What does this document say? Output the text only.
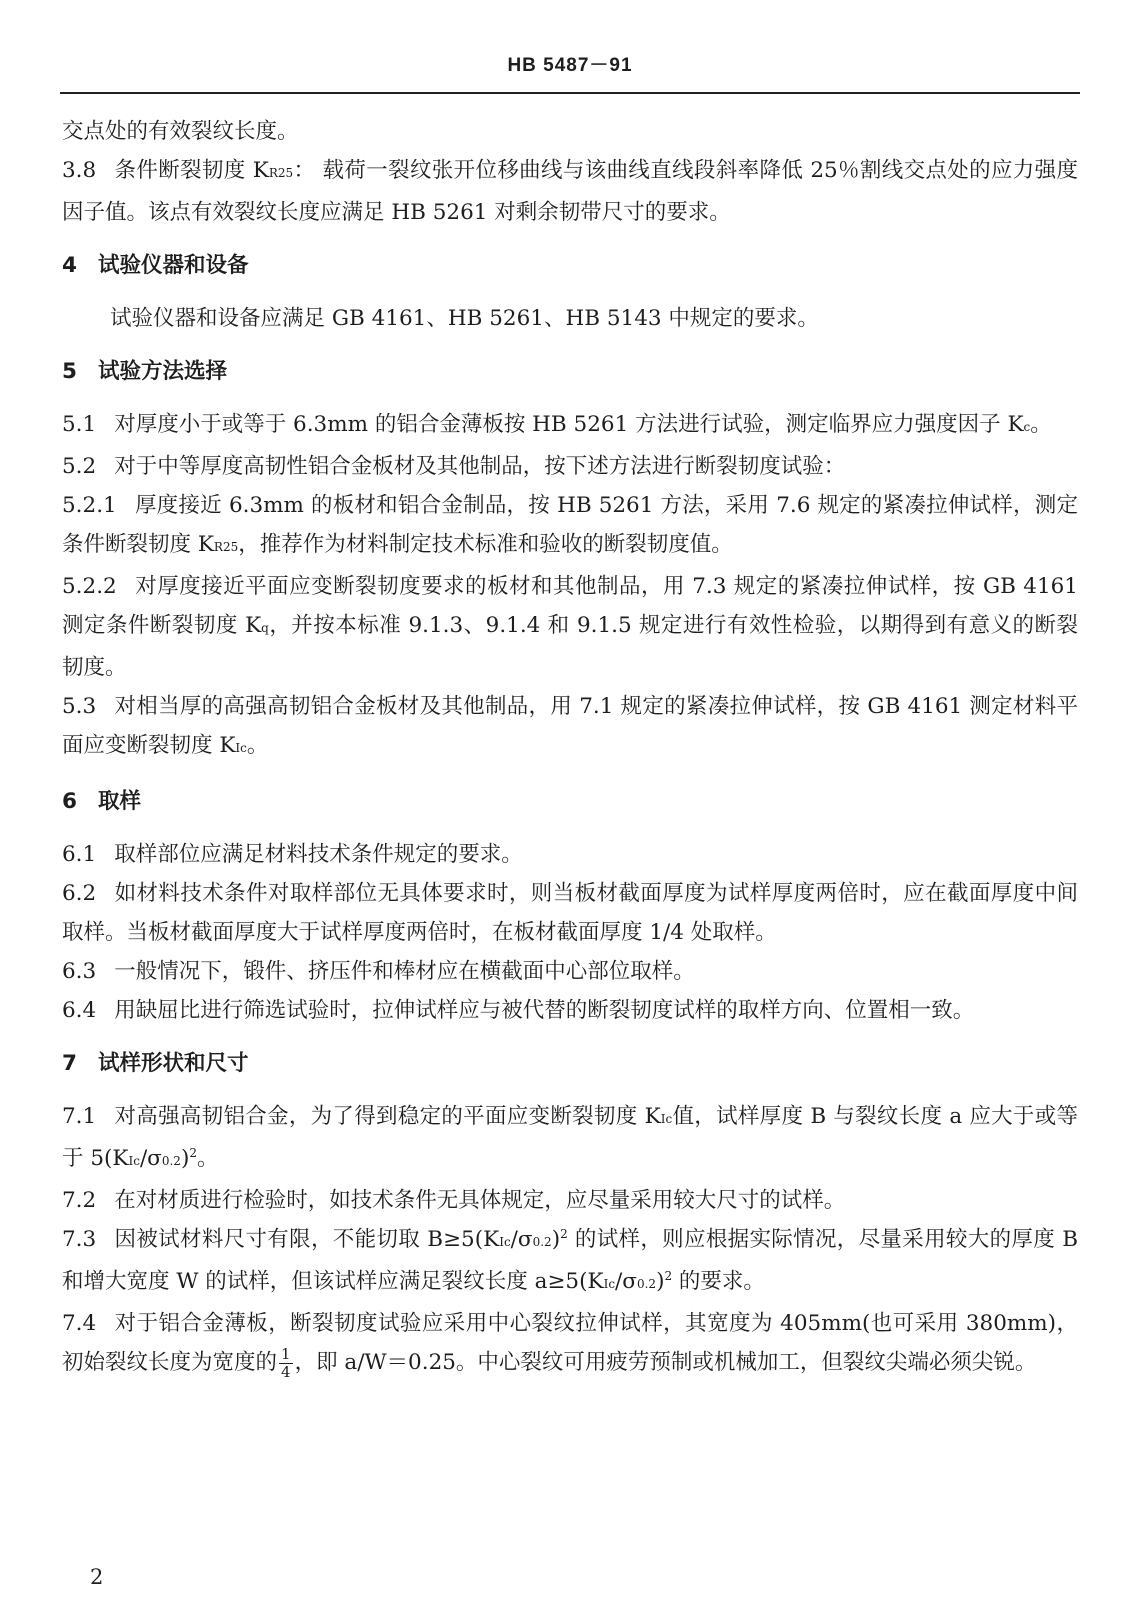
HB 5487－91

交点处的有效裂纹长度。

3.8 条件断裂韧度 KR25： 载荷一裂纹张开位移曲线与该曲线直线段斜率降低 25％割线交点处的应力强度因子值。该点有效裂纹长度应满足 HB 5261 对剩余韧带尺寸的要求。

4 试验仪器和设备

试验仪器和设备应满足 GB 4161、HB 5261、HB 5143 中规定的要求。

5 试验方法选择

5.1 对厚度小于或等于 6.3mm 的铝合金薄板按 HB 5261 方法进行试验，测定临界应力强度因子 Kc。

5.2 对于中等厚度高韧性铝合金板材及其他制品，按下述方法进行断裂韧度试验：

5.2.1 厚度接近 6.3mm 的板材和铝合金制品，按 HB 5261 方法，采用 7.6 规定的紧凑拉伸试样，测定条件断裂韧度 KR25，推荐作为材料制定技术标准和验收的断裂韧度值。

5.2.2 对厚度接近平面应变断裂韧度要求的板材和其他制品，用 7.3 规定的紧凑拉伸试样，按 GB 4161 测定条件断裂韧度 Kq，并按本标准 9.1.3、9.1.4 和 9.1.5 规定进行有效性检验，以期得到有意义的断裂韧度。

5.3 对相当厚的高强高韧铝合金板材及其他制品，用 7.1 规定的紧凑拉伸试样，按 GB 4161 测定材料平面应变断裂韧度 KIc。

6 取样

6.1 取样部位应满足材料技术条件规定的要求。

6.2 如材料技术条件对取样部位无具体要求时，则当板材截面厚度为试样厚度两倍时，应在截面厚度中间取样。当板材截面厚度大于试样厚度两倍时，在板材截面厚度 1/4 处取样。

6.3 一般情况下，锻件、挤压件和棒材应在横截面中心部位取样。

6.4 用缺屈比进行筛选试验时，拉伸试样应与被代替的断裂韧度试样的取样方向、位置相一致。

7 试样形状和尺寸

7.1 对高强高韧铝合金，为了得到稳定的平面应变断裂韧度 KIc值，试样厚度 B 与裂纹长度 a 应大于或等于 $5(KIc/\sigma 0.2)^2$。

7.2 在对材质进行检验时，如技术条件无具体规定，应尽量采用较大尺寸的试样。

7.3 因被试材料尺寸有限，不能切取 $B\ge 5(KIc/\sigma 0.2)^2$ 的试样，则应根据实际情况，尽量采用较大的厚度 B 和增大宽度 W 的试样，但该试样应满足裂纹长度 $a\ge 5(KIc/\sigma 0.2)^2$ 的要求。

7.4 对于铝合金薄板，断裂韧度试验应采用中心裂纹拉伸试样，其宽度为 405mm(也可采用 380mm)，初始裂纹长度为宽度的 $\frac{1}{4}$ ，即 a/W＝0.25。中心裂纹可用疲劳预制或机械加工，但裂纹尖端必须尖锐。

2
